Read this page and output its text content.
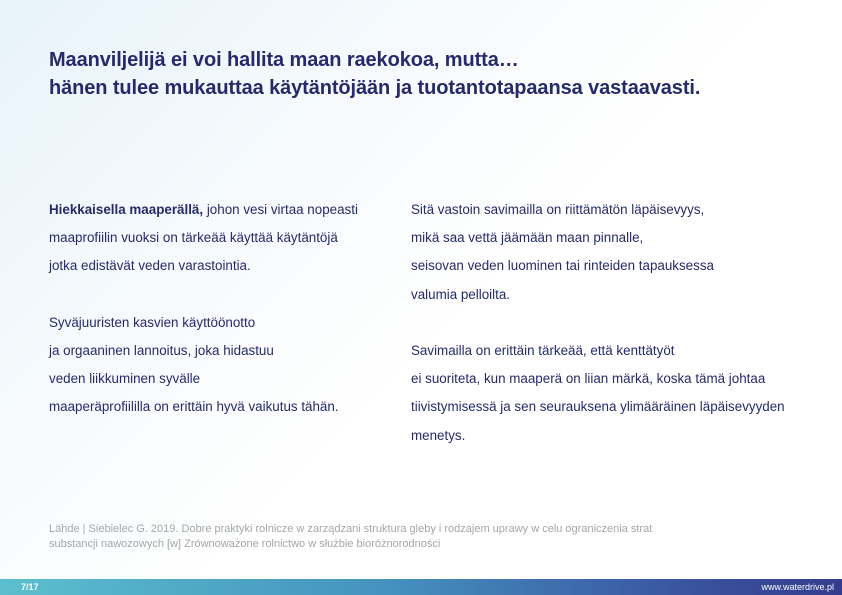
Maanviljelijä ei voi hallita maan raekokoa, mutta…
hänen tulee mukauttaa käytäntöjään ja tuotantotapaansa vastaavasti.
Hiekkaisella maaperällä, johon vesi virtaa nopeasti
maaprofiilin vuoksi on tärkeää käyttää käytäntöjä
jotka edistävät veden varastointia.
Syväjuuristen kasvien käyttöönotto
ja orgaaninen lannoitus, joka hidastuu
veden liikkuminen syvälle
maaperäprofiililla on erittäin hyvä vaikutus tähän.
Sitä vastoin savimailla on riittämätön läpäisevyys,
mikä saa vettä jäämään maan pinnalle,
seisovan veden luominen tai rinteiden tapauksessa
valumia pelloilta.
Savimailla on erittäin tärkeää, että kenttätyöt
ei suoriteta, kun maaperä on liian märkä, koska tämä johtaa
tiivistymisessä ja sen seurauksena ylimääräinen läpäisevyyden
menetys.
Lähde | Siebielec G. 2019. Dobre praktyki rolnicze w zarządzani struktura gleby i rodzajem uprawy w celu ograniczenia strat
substancji nawozowych [w] Zrównoważone rolnictwo w służbie bioróżnorodności
7/17	www.waterdrive.pl
